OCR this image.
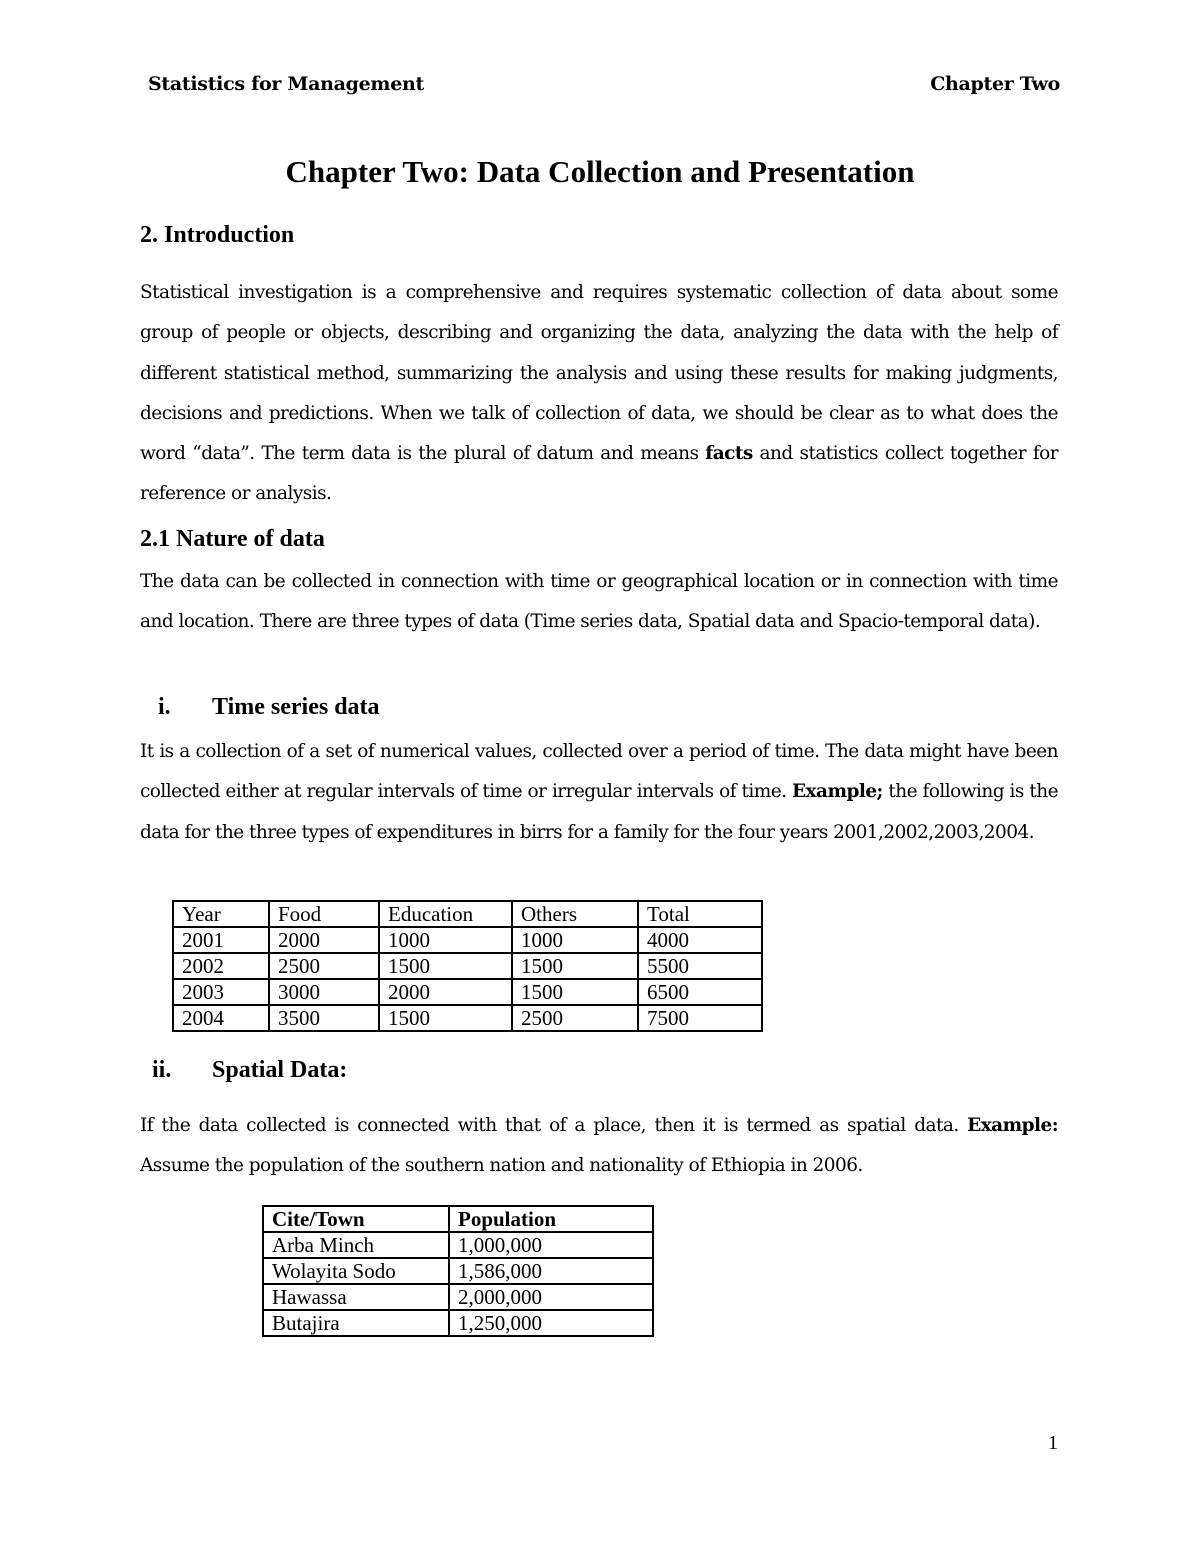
Statistics for Management	Chapter Two
Chapter Two: Data Collection and Presentation
2. Introduction
Statistical investigation is a comprehensive and requires systematic collection of data about some group of people or objects, describing and organizing the data, analyzing the data with the help of different statistical method, summarizing the analysis and using these results for making judgments, decisions and predictions. When we talk of collection of data, we should be clear as to what does the word “data”. The term data is the plural of datum and means facts and statistics collect together for reference or analysis.
2.1 Nature of data
The data can be collected in connection with time or geographical location or in connection with time and location. There are three types of data (Time series data, Spatial data and Spacio-temporal data).
i. Time series data
It is a collection of a set of numerical values, collected over a period of time. The data might have been collected either at regular intervals of time or irregular intervals of time. Example; the following is the data for the three types of expenditures in birrs for a family for the four years 2001,2002,2003,2004.
Year	Food	Education	Others	Total
2001	2000	1000	1000	4000
2002	2500	1500	1500	5500
2003	3000	2000	1500	6500
2004	3500	1500	2500	7500
ii. Spatial Data:
If the data collected is connected with that of a place, then it is termed as spatial data. Example: Assume the population of the southern nation and nationality of Ethiopia in 2006.
Cite/Town	Population
Arba Minch	1,000,000
Wolayita Sodo	1,586,000
Hawassa	2,000,000
Butajira	1,250,000
1
